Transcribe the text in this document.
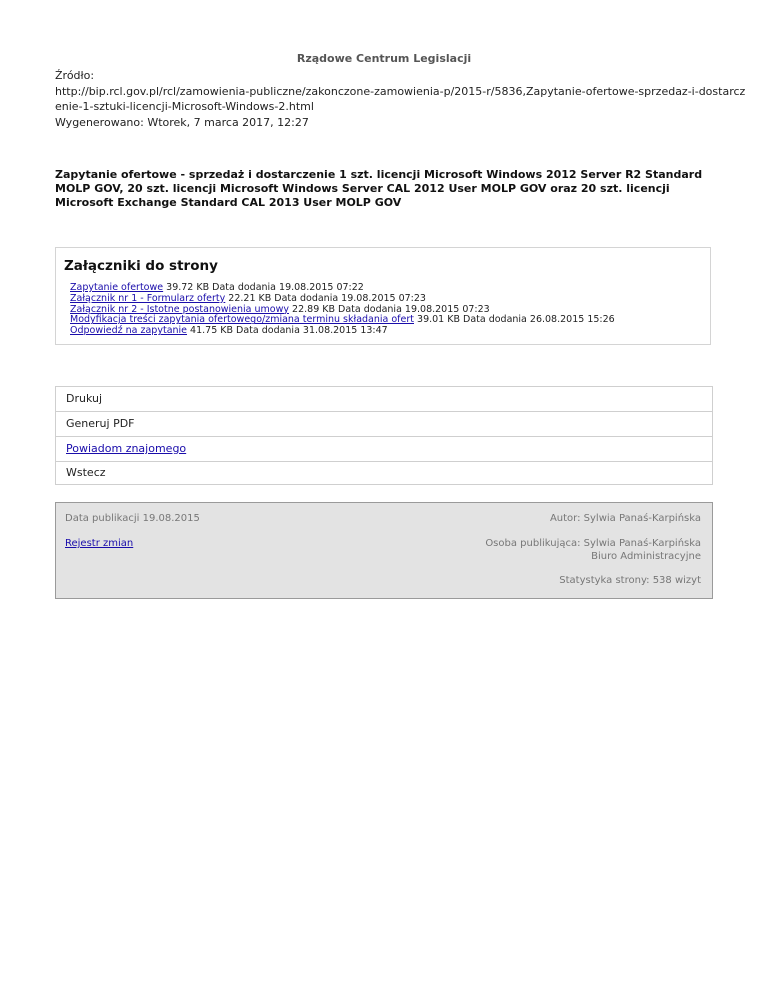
Rządowe Centrum Legislacji
Źródło:
http://bip.rcl.gov.pl/rcl/zamowienia-publiczne/zakonczone-zamowienia-p/2015-r/5836,Zapytanie-ofertowe-sprzedaz-i-dostarcz
enie-1-sztuki-licencji-Microsoft-Windows-2.html
Wygenerowano: Wtorek, 7 marca 2017, 12:27
Zapytanie ofertowe - sprzedaż i dostarczenie 1 szt. licencji Microsoft Windows 2012 Server R2 Standard MOLP GOV, 20 szt. licencji Microsoft Windows Server CAL 2012 User MOLP GOV oraz 20 szt. licencji Microsoft Exchange Standard CAL 2013 User MOLP GOV
Załączniki do strony
Zapytanie ofertowe 39.72 KB Data dodania 19.08.2015 07:22
Załącznik nr 1 - Formularz oferty 22.21 KB Data dodania 19.08.2015 07:23
Załącznik nr 2 - Istotne postanowienia umowy 22.89 KB Data dodania 19.08.2015 07:23
Modyfikacja treści zapytania ofertowego/zmiana terminu składania ofert 39.01 KB Data dodania 26.08.2015 15:26
Odpowiedź na zapytanie 41.75 KB Data dodania 31.08.2015 13:47
Drukuj
Generuj PDF
Powiadom znajomego
Wstecz
Data publikacji 19.08.2015
Rejestr zmian
Autor: Sylwia Panaś-Karpińska
Osoba publikująca: Sylwia Panaś-Karpińska
Biuro Administracyjne
Statystyka strony: 538 wizyt
